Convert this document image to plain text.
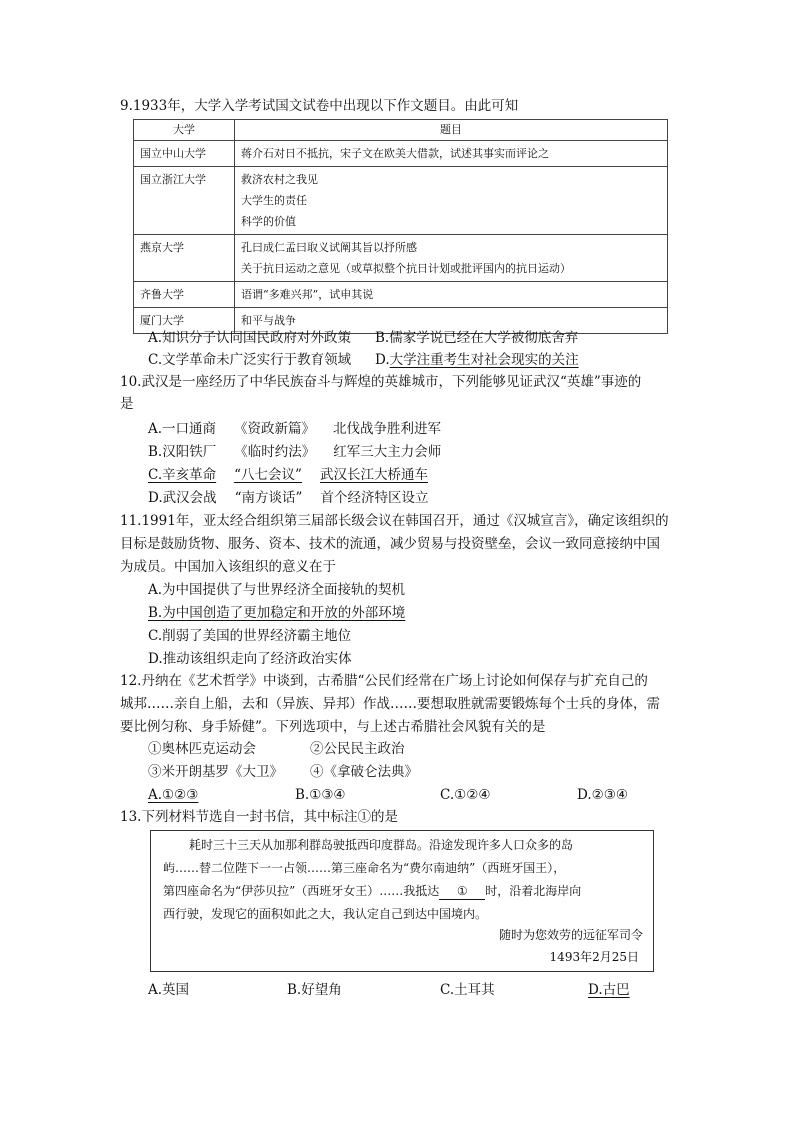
9.1933年，大学入学考试国文试卷中出现以下作文题目。由此可知
大学	题目
国立中山大学	蒋介石对日不抵抗，宋子文在欧美大借款，试述其事实而评论之

国立浙江大学	救济农村之我见
大学生的责任
科学的价值

燕京大学	孔曰成仁孟曰取义试阐其旨以抒所感
关于抗日运动之意见（或草拟整个抗日计划或批评国内的抗日运动）

齐鲁大学	语谓“多难兴邦”，试申其说

厦门大学	和平与战争
A.知识分子认同国民政府对外政策 B.儒家学说已经在大学被彻底舍弃
C.文学革命未广泛实行于教育领域 D.大学注重考生对社会现实的关注
10.武汉是一座经历了中华民族奋斗与辉煌的英雄城市，下列能够见证武汉“英雄”事迹的
是
A.一口通商 《资政新篇》 北伐战争胜利进军
B.汉阳铁厂 《临时约法》 红军三大主力会师
C.辛亥革命 “八七会议” 武汉长江大桥通车
D.武汉会战 “南方谈话” 首个经济特区设立
11.1991年，亚太经合组织第三届部长级会议在韩国召开，通过《汉城宣言》，确定该组织的
目标是鼓励货物、服务、资本、技术的流通，减少贸易与投资壁垒，会议一致同意接纳中国
为成员。中国加入该组织的意义在于
A.为中国提供了与世界经济全面接轨的契机
B.为中国创造了更加稳定和开放的外部环境
C.削弱了美国的世界经济霸主地位
D.推动该组织走向了经济政治实体
12.丹纳在《艺术哲学》中谈到，古希腊“公民们经常在广场上讨论如何保存与扩充自己的
城邦……亲自上船，去和（异族、异邦）作战……要想取胜就需要锻炼每个士兵的身体，需
要比例匀称、身手矫健”。下列选项中，与上述古希腊社会风貌有关的是
①奥林匹克运动会	②公民民主政治
③米开朗基罗《大卫》 ④《拿破仑法典》
A.①②③	B.①③④	C.①②④	D.②③④
13.下列材料节选自一封书信，其中标注①的是
耗时三十三天从加那利群岛驶抵西印度群岛。沿途发现许多人口众多的岛
屿……替二位陛下一一占领……第三座命名为“费尔南迪纳”（西班牙国王），
第四座命名为“伊莎贝拉”（西班牙女王）……我抵达 ① 时，沿着北海岸向
西行驶，发现它的面积如此之大，我认定自己到达中国境内。
随时为您效劳的远征军司令
1493年2月25日
A.英国	B.好望角	C.土耳其	D.古巴
